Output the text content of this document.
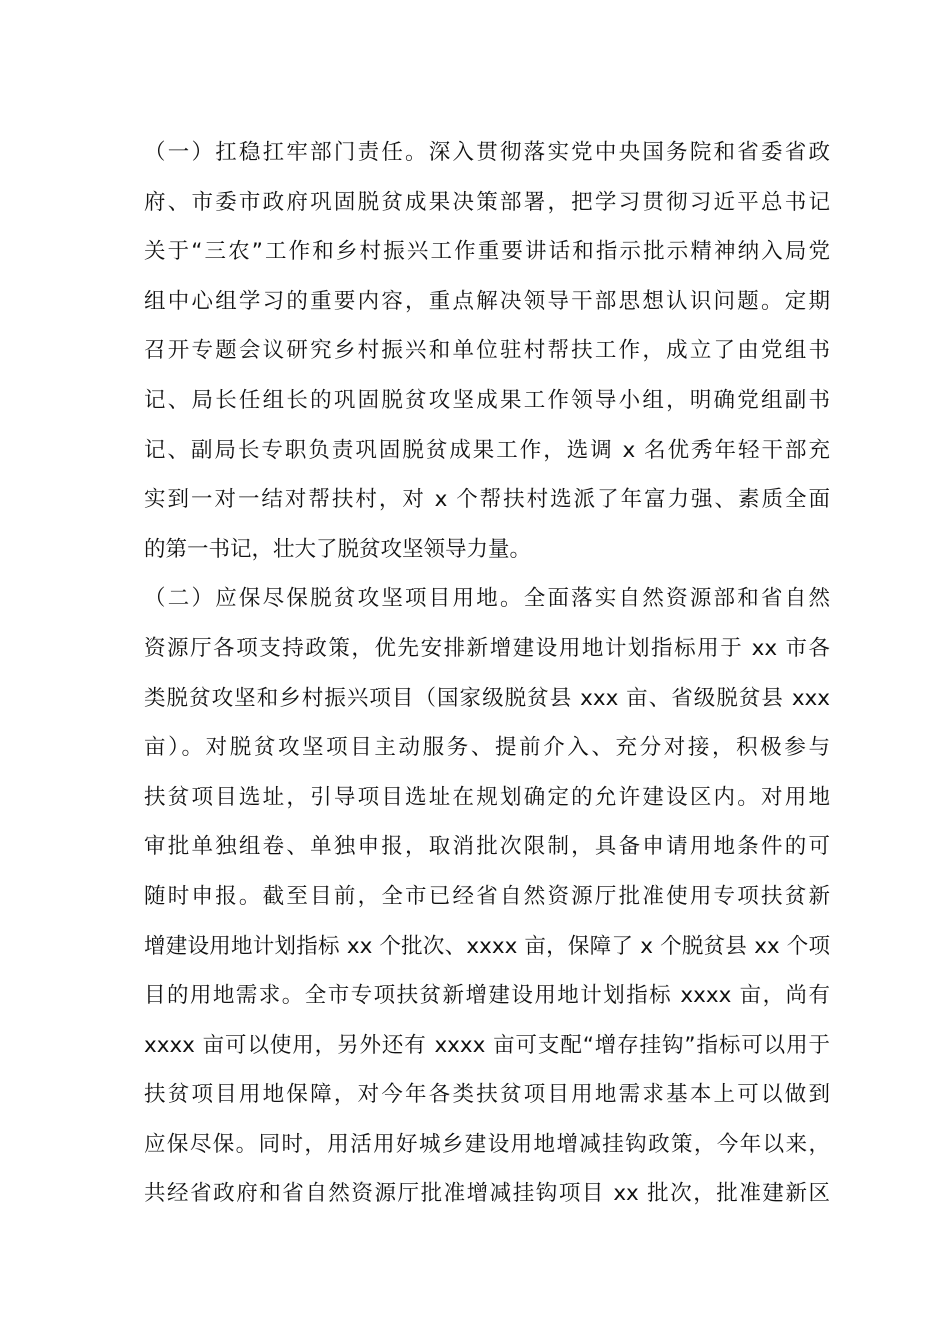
（一）扛稳扛牢部门责任。深入贯彻落实党中央国务院和省委省政
府、市委市政府巩固脱贫成果决策部署，把学习贯彻习近平总书记
关于“三农”工作和乡村振兴工作重要讲话和指示批示精神纳入局党
组中心组学习的重要内容，重点解决领导干部思想认识问题。定期
召开专题会议研究乡村振兴和单位驻村帮扶工作，成立了由党组书
记、局长任组长的巩固脱贫攻坚成果工作领导小组，明确党组副书
记、副局长专职负责巩固脱贫成果工作，选调 x 名优秀年轻干部充
实到一对一结对帮扶村，对 x 个帮扶村选派了年富力强、素质全面
的第一书记，壮大了脱贫攻坚领导力量。
（二）应保尽保脱贫攻坚项目用地。全面落实自然资源部和省自然
资源厅各项支持政策，优先安排新增建设用地计划指标用于 xx 市各
类脱贫攻坚和乡村振兴项目（国家级脱贫县 xxx 亩、省级脱贫县 xxx
亩）。对脱贫攻坚项目主动服务、提前介入、充分对接，积极参与
扶贫项目选址，引导项目选址在规划确定的允许建设区内。对用地
审批单独组卷、单独申报，取消批次限制，具备申请用地条件的可
随时申报。截至目前，全市已经省自然资源厅批准使用专项扶贫新
增建设用地计划指标 xx 个批次、xxxx 亩，保障了 x 个脱贫县 xx 个项
目的用地需求。全市专项扶贫新增建设用地计划指标 xxxx 亩，尚有
xxxx 亩可以使用，另外还有 xxxx 亩可支配“增存挂钩”指标可以用于
扶贫项目用地保障，对今年各类扶贫项目用地需求基本上可以做到
应保尽保。同时，用活用好城乡建设用地增减挂钩政策，今年以来，
共经省政府和省自然资源厅批准增减挂钩项目 xx 批次，批准建新区
